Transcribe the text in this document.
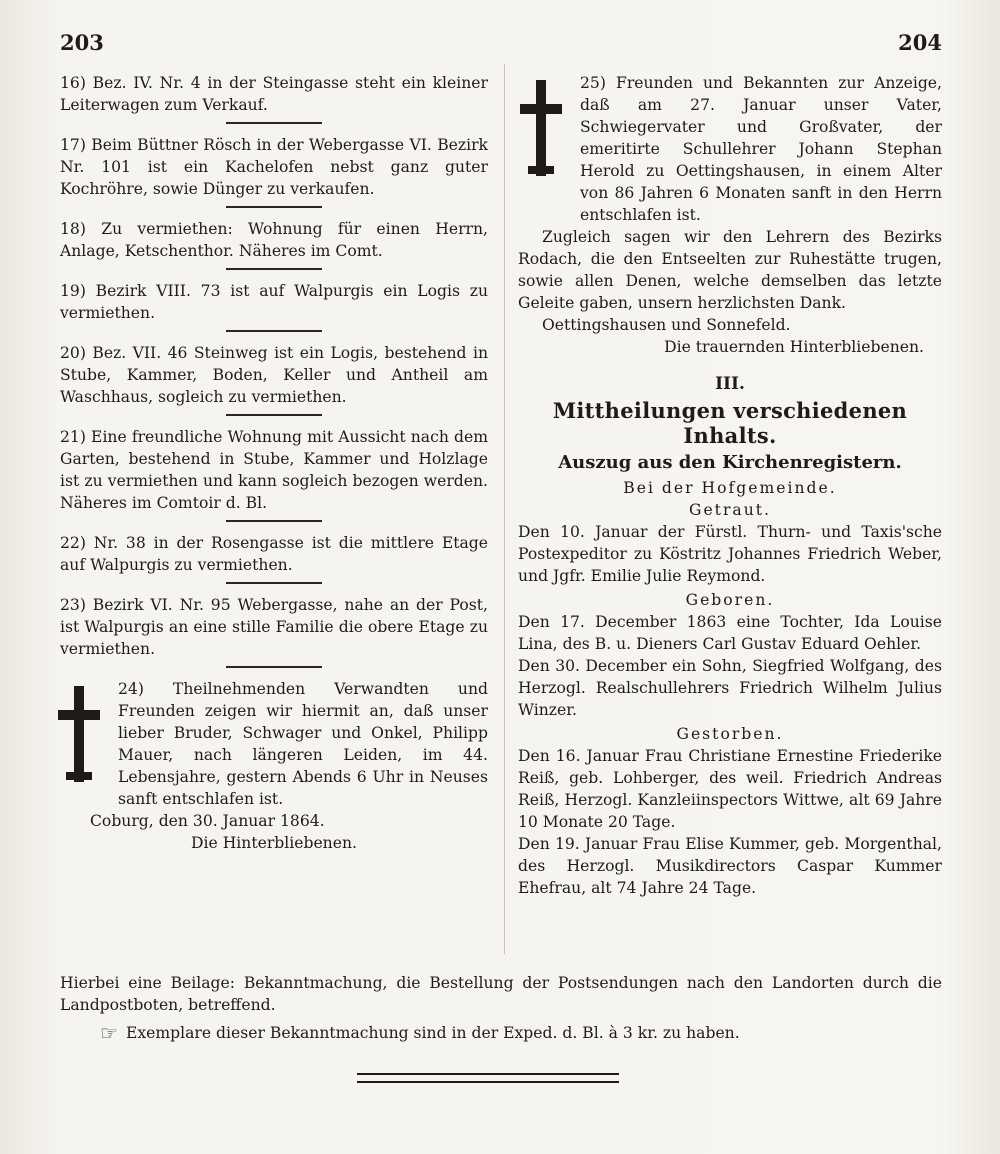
203	204

16) Bez. IV. Nr. 4 in der Steingasse steht ein kleiner Leiterwagen zum Verkauf.

17) Beim Büttner Rösch in der Webergasse VI. Bezirk Nr. 101 ist ein Kachelofen nebst ganz guter Kochröhre, sowie Dünger zu verkaufen.

18) Zu vermiethen: Wohnung für einen Herrn, Anlage, Ketschenthor. Näheres im Comt.

19) Bezirk VIII. 73 ist auf Walpurgis ein Logis zu vermiethen.

20) Bez. VII. 46 Steinweg ist ein Logis, bestehend in Stube, Kammer, Boden, Keller und Antheil am Waschhaus, sogleich zu vermiethen.

21) Eine freundliche Wohnung mit Aussicht nach dem Garten, bestehend in Stube, Kammer und Holzlage ist zu vermiethen und kann sogleich bezogen werden. Näheres im Comtoir d. Bl.

22) Nr. 38 in der Rosengasse ist die mittlere Etage auf Walpurgis zu vermiethen.

23) Bezirk VI. Nr. 95 Webergasse, nahe an der Post, ist Walpurgis an eine stille Familie die obere Etage zu vermiethen.

24) Theilnehmenden Verwandten und Freunden zeigen wir hiermit an, daß unser lieber Bruder, Schwager und Onkel, Philipp Mauer, nach längeren Leiden, im 44. Lebensjahre, gestern Abends 6 Uhr in Neuses sanft entschlafen ist.

Coburg, den 30. Januar 1864.

Die Hinterbliebenen.

25) Freunden und Bekannten zur Anzeige, daß am 27. Januar unser Vater, Schwiegervater und Großvater, der emeritirte Schullehrer Johann Stephan Herold zu Oettingshausen, in einem Alter von 86 Jahren 6 Monaten sanft in den Herrn entschlafen ist.

Zugleich sagen wir den Lehrern des Bezirks Rodach, die den Entseelten zur Ruhestätte trugen, sowie allen Denen, welche demselben das letzte Geleite gaben, unsern herzlichsten Dank.

Oettingshausen und Sonnefeld.

Die trauernden Hinterbliebenen.

III.
Mittheilungen verschiedenen Inhalts.
Auszug aus den Kirchenregistern.
Bei der Hofgemeinde.
Getraut.

Den 10. Januar der Fürstl. Thurn- und Taxis'sche Postexpeditor zu Köstritz Johannes Friedrich Weber, und Jgfr. Emilie Julie Reymond.

Geboren.

Den 17. December 1863 eine Tochter, Ida Louise Lina, des B. u. Dieners Carl Gustav Eduard Oehler.

Den 30. December ein Sohn, Siegfried Wolfgang, des Herzogl. Realschullehrers Friedrich Wilhelm Julius Winzer.

Gestorben.

Den 16. Januar Frau Christiane Ernestine Friederike Reiß, geb. Lohberger, des weil. Friedrich Andreas Reiß, Herzogl. Kanzleiinspectors Wittwe, alt 69 Jahre 10 Monate 20 Tage.

Den 19. Januar Frau Elise Kummer, geb. Morgenthal, des Herzogl. Musikdirectors Caspar Kummer Ehefrau, alt 74 Jahre 24 Tage.

Hierbei eine Beilage: Bekanntmachung, die Bestellung der Postsendungen nach den Landorten durch die Landpostboten, betreffend.

☞ Exemplare dieser Bekanntmachung sind in der Exped. d. Bl. à 3 kr. zu haben.
